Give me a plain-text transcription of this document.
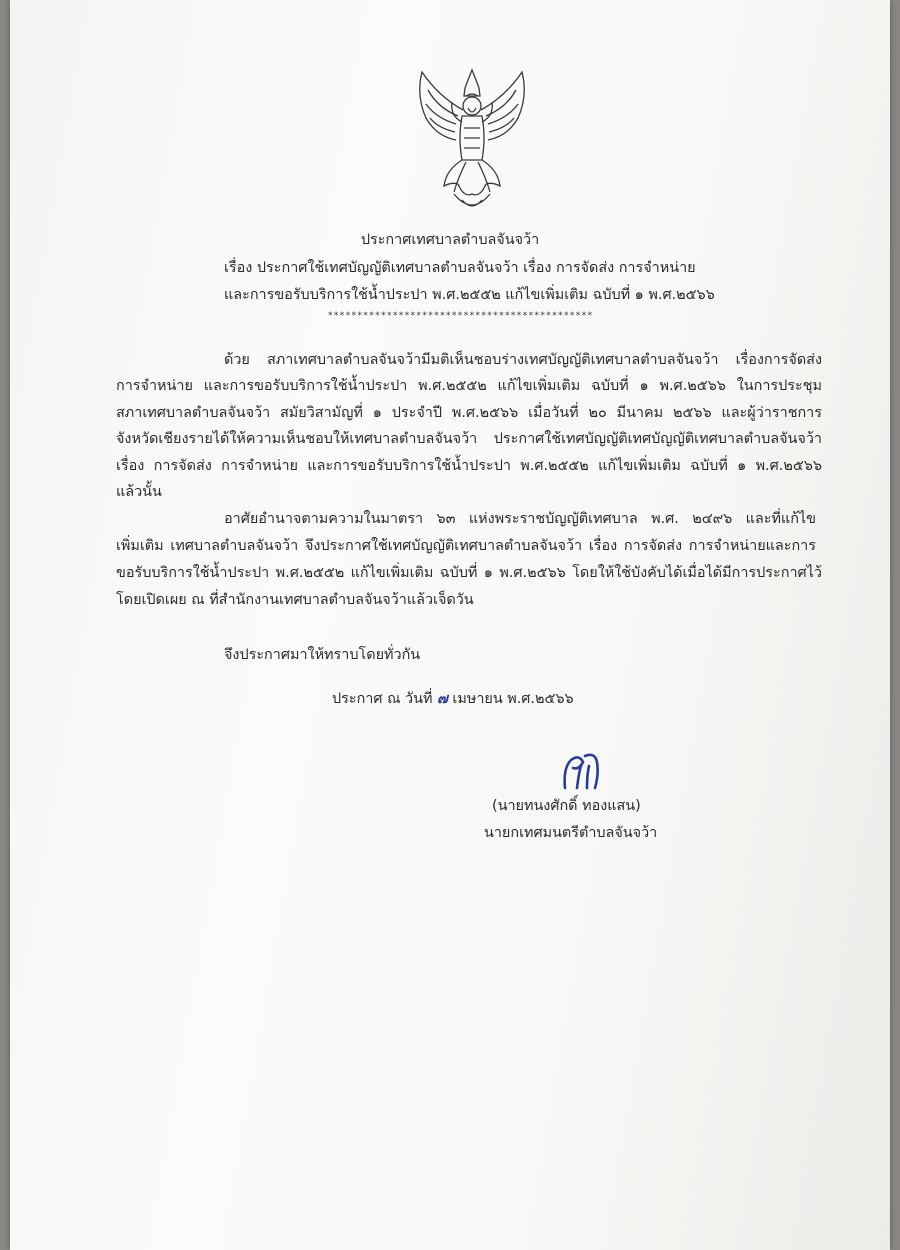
ประกาศเทศบาลตำบลจันจว้า
เรื่อง ประกาศใช้เทศบัญญัติเทศบาลตำบลจันจว้า เรื่อง การจัดส่ง การจำหน่าย
และการขอรับบริการใช้น้ำประปา พ.ศ.๒๕๕๒ แก้ไขเพิ่มเติม ฉบับที่ ๑ พ.ศ.๒๕๖๖
*********************************************
ด้วย สภาเทศบาลตำบลจันจว้ามีมติเห็นชอบร่างเทศบัญญัติเทศบาลตำบลจันจว้า เรื่องการจัดส่ง
การจำหน่าย และการขอรับบริการใช้น้ำประปา พ.ศ.๒๕๕๒ แก้ไขเพิ่มเติม ฉบับที่ ๑ พ.ศ.๒๕๖๖ ในการประชุม
สภาเทศบาลตำบลจันจว้า สมัยวิสามัญที่ ๑ ประจำปี พ.ศ.๒๕๖๖ เมื่อวันที่ ๒๐ มีนาคม ๒๕๖๖ และผู้ว่าราชการ
จังหวัดเชียงรายได้ให้ความเห็นชอบให้เทศบาลตำบลจันจว้า ประกาศใช้เทศบัญญัติเทศบัญญัติเทศบาลตำบลจันจว้า
เรื่อง การจัดส่ง การจำหน่าย และการขอรับบริการใช้น้ำประปา พ.ศ.๒๕๕๒ แก้ไขเพิ่มเติม ฉบับที่ ๑ พ.ศ.๒๕๖๖
แล้วนั้น
อาศัยอำนาจตามความในมาตรา ๖๓ แห่งพระราชบัญญัติเทศบาล พ.ศ. ๒๔๙๖ และที่แก้ไข
เพิ่มเติม เทศบาลตำบลจันจว้า จึงประกาศใช้เทศบัญญัติเทศบาลตำบลจันจว้า เรื่อง การจัดส่ง การจำหน่ายและการ
ขอรับบริการใช้น้ำประปา พ.ศ.๒๕๕๒ แก้ไขเพิ่มเติม ฉบับที่ ๑ พ.ศ.๒๕๖๖ โดยให้ใช้บังคับได้เมื่อได้มีการประกาศไว้
โดยเปิดเผย ณ ที่สำนักงานเทศบาลตำบลจันจว้าแล้วเจ็ดวัน
จึงประกาศมาให้ทราบโดยทั่วกัน
ประกาศ ณ วันที่ ๗ เมษายน พ.ศ.๒๕๖๖
(นายทนงศักดิ์ ทองแสน)
นายกเทศมนตรีตำบลจันจว้า
